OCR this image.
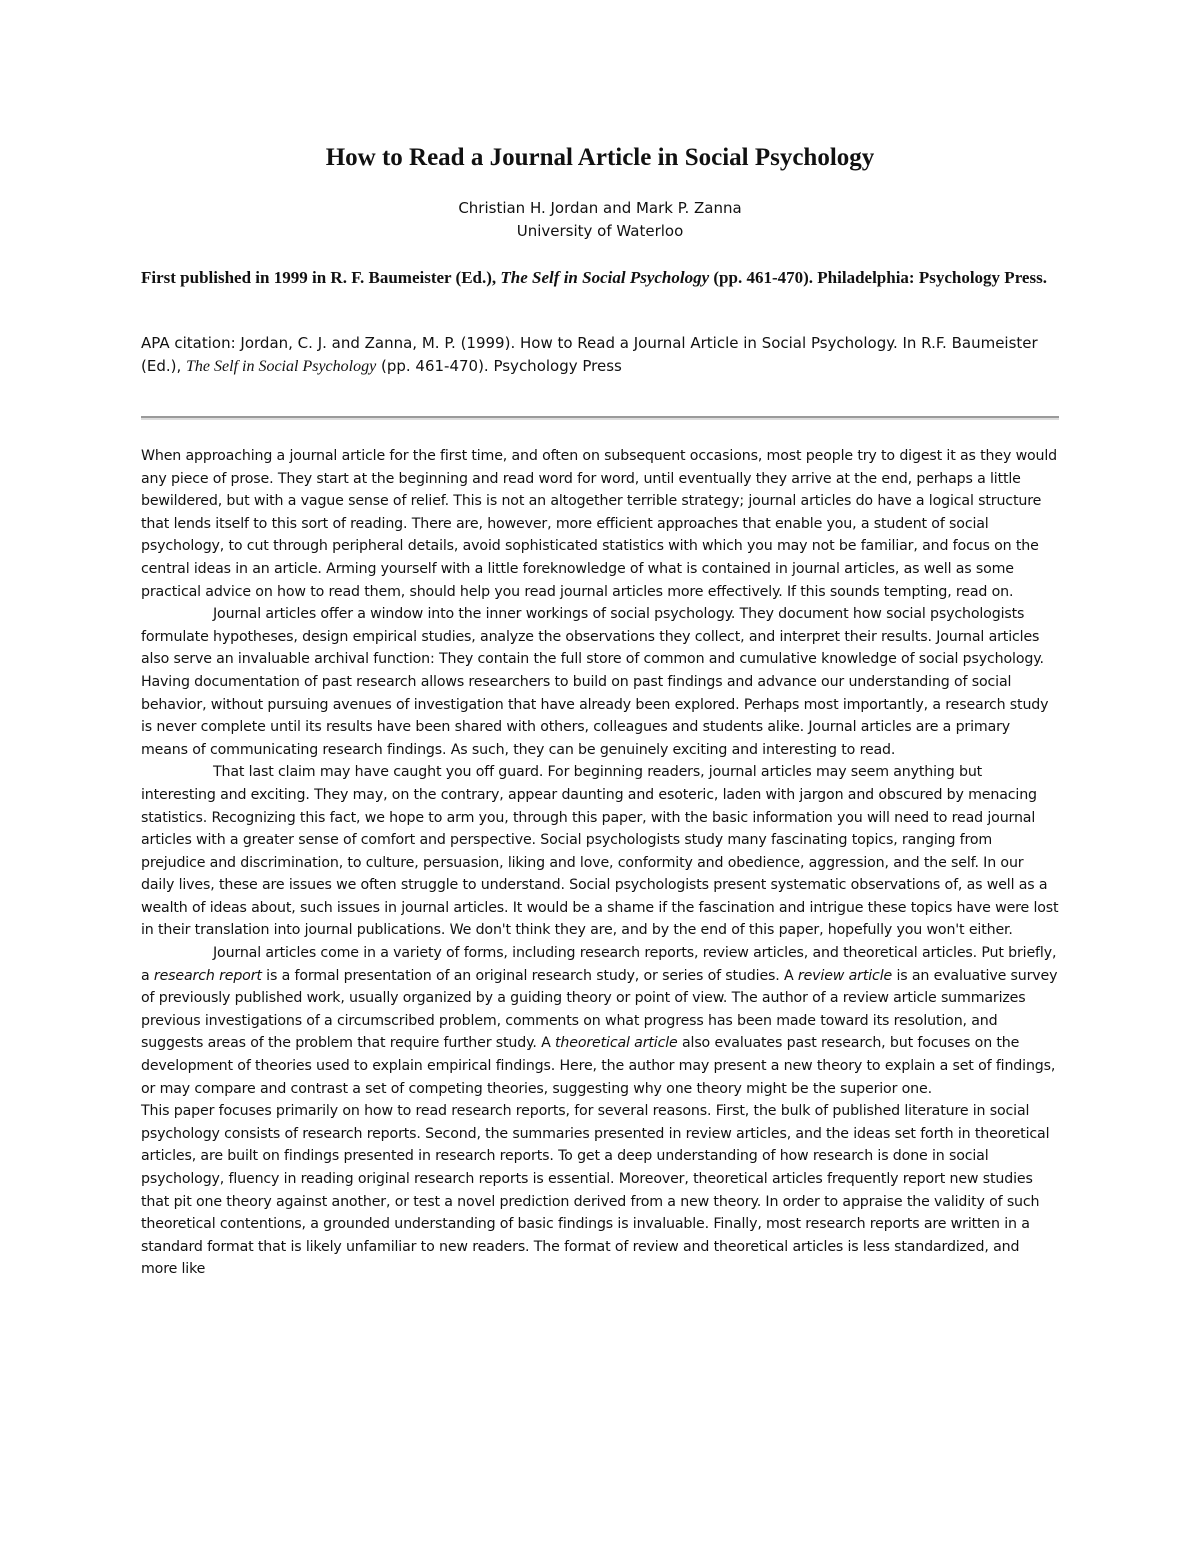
How to Read a Journal Article in Social Psychology
Christian H. Jordan and Mark P. Zanna
University of Waterloo

First published in 1999 in R. F. Baumeister (Ed.), The Self in Social Psychology (pp. 461-470). Philadelphia: Psychology Press.

APA citation: Jordan, C. J. and Zanna, M. P. (1999). How to Read a Journal Article in Social Psychology. In R.F. Baumeister (Ed.), The Self in Social Psychology (pp. 461-470). Psychology Press

When approaching a journal article for the first time, and often on subsequent occasions, most people try to digest it as they would any piece of prose. They start at the beginning and read word for word, until eventually they arrive at the end, perhaps a little bewildered, but with a vague sense of relief. This is not an altogether terrible strategy; journal articles do have a logical structure that lends itself to this sort of reading. There are, however, more efficient approaches that enable you, a student of social psychology, to cut through peripheral details, avoid sophisticated statistics with which you may not be familiar, and focus on the central ideas in an article. Arming yourself with a little foreknowledge of what is contained in journal articles, as well as some practical advice on how to read them, should help you read journal articles more effectively. If this sounds tempting, read on.

Journal articles offer a window into the inner workings of social psychology. They document how social psychologists formulate hypotheses, design empirical studies, analyze the observations they collect, and interpret their results. Journal articles also serve an invaluable archival function: They contain the full store of common and cumulative knowledge of social psychology. Having documentation of past research allows researchers to build on past findings and advance our understanding of social behavior, without pursuing avenues of investigation that have already been explored. Perhaps most importantly, a research study is never complete until its results have been shared with others, colleagues and students alike. Journal articles are a primary means of communicating research findings. As such, they can be genuinely exciting and interesting to read.

That last claim may have caught you off guard. For beginning readers, journal articles may seem anything but interesting and exciting. They may, on the contrary, appear daunting and esoteric, laden with jargon and obscured by menacing statistics. Recognizing this fact, we hope to arm you, through this paper, with the basic information you will need to read journal articles with a greater sense of comfort and perspective. Social psychologists study many fascinating topics, ranging from prejudice and discrimination, to culture, persuasion, liking and love, conformity and obedience, aggression, and the self. In our daily lives, these are issues we often struggle to understand. Social psychologists present systematic observations of, as well as a wealth of ideas about, such issues in journal articles. It would be a shame if the fascination and intrigue these topics have were lost in their translation into journal publications. We don't think they are, and by the end of this paper, hopefully you won't either.

Journal articles come in a variety of forms, including research reports, review articles, and theoretical articles. Put briefly, a research report is a formal presentation of an original research study, or series of studies. A review article is an evaluative survey of previously published work, usually organized by a guiding theory or point of view. The author of a review article summarizes previous investigations of a circumscribed problem, comments on what progress has been made toward its resolution, and suggests areas of the problem that require further study. A theoretical article also evaluates past research, but focuses on the development of theories used to explain empirical findings. Here, the author may present a new theory to explain a set of findings, or may compare and contrast a set of competing theories, suggesting why one theory might be the superior one.

This paper focuses primarily on how to read research reports, for several reasons. First, the bulk of published literature in social psychology consists of research reports. Second, the summaries presented in review articles, and the ideas set forth in theoretical articles, are built on findings presented in research reports. To get a deep understanding of how research is done in social psychology, fluency in reading original research reports is essential. Moreover, theoretical articles frequently report new studies that pit one theory against another, or test a novel prediction derived from a new theory. In order to appraise the validity of such theoretical contentions, a grounded understanding of basic findings is invaluable. Finally, most research reports are written in a standard format that is likely unfamiliar to new readers. The format of review and theoretical articles is less standardized, and more like
